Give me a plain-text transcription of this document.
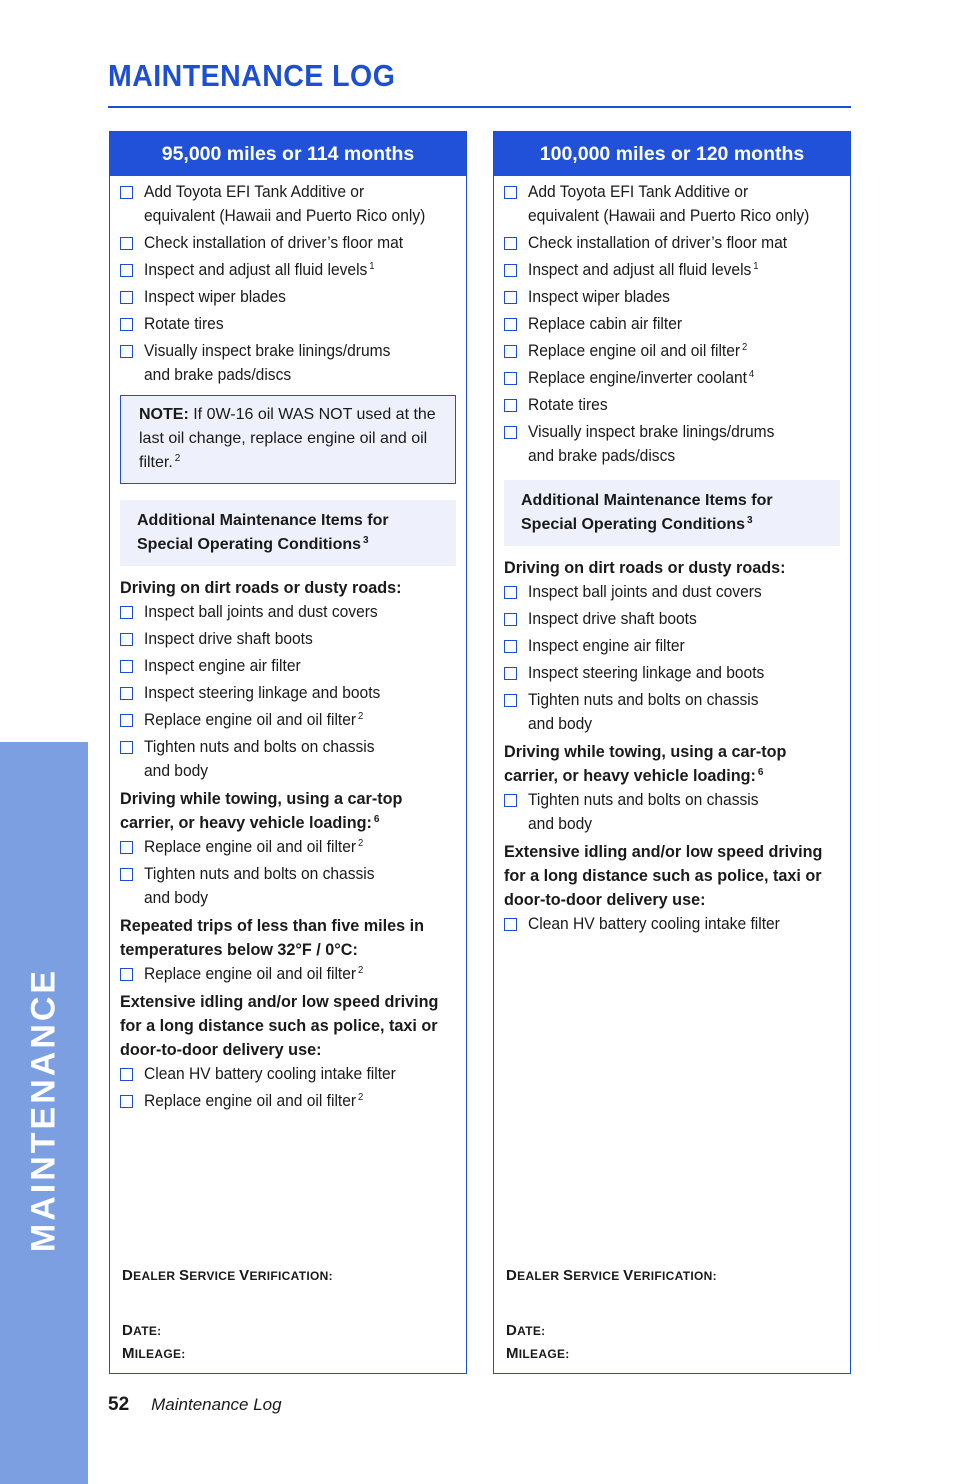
MAINTENANCE
MAINTENANCE LOG
95,000 miles or 114 months
Add Toyota EFI Tank Additive or
equivalent (Hawaii and Puerto Rico only)
Check installation of driver’s floor mat
Inspect and adjust all fluid levels $^1$
Inspect wiper blades
Rotate tires
Visually inspect brake linings/drums
and brake pads/discs
NOTE: If 0W-16 oil WAS NOT used at the last oil change, replace engine oil and oil filter. $^2$
Additional Maintenance Items for Special Operating Conditions $^3$
Driving on dirt roads or dusty roads:
Inspect ball joints and dust covers
Inspect drive shaft boots
Inspect engine air filter
Inspect steering linkage and boots
Replace engine oil and oil filter $^2$
Tighten nuts and bolts on chassis
and body
Driving while towing, using a car-top carrier, or heavy vehicle loading: $^6$
Replace engine oil and oil filter $^2$
Tighten nuts and bolts on chassis
and body
Repeated trips of less than five miles in temperatures below 32°F / 0°C:
Replace engine oil and oil filter $^2$
Extensive idling and/or low speed driving for a long distance such as police, taxi or door-to-door delivery use:
Clean HV battery cooling intake filter
Replace engine oil and oil filter $^2$
DEALER SERVICE VERIFICATION:
DATE:
MILEAGE:
100,000 miles or 120 months
Add Toyota EFI Tank Additive or
equivalent (Hawaii and Puerto Rico only)
Check installation of driver’s floor mat
Inspect and adjust all fluid levels $^1$
Inspect wiper blades
Replace cabin air filter
Replace engine oil and oil filter $^2$
Replace engine/inverter coolant $^4$
Rotate tires
Visually inspect brake linings/drums
and brake pads/discs
Additional Maintenance Items for Special Operating Conditions $^3$
Driving on dirt roads or dusty roads:
Inspect ball joints and dust covers
Inspect drive shaft boots
Inspect engine air filter
Inspect steering linkage and boots
Tighten nuts and bolts on chassis
and body
Driving while towing, using a car-top carrier, or heavy vehicle loading: $^6$
Tighten nuts and bolts on chassis
and body
Extensive idling and/or low speed driving for a long distance such as police, taxi or door-to-door delivery use:
Clean HV battery cooling intake filter
DEALER SERVICE VERIFICATION:
DATE:
MILEAGE:
52 Maintenance Log
